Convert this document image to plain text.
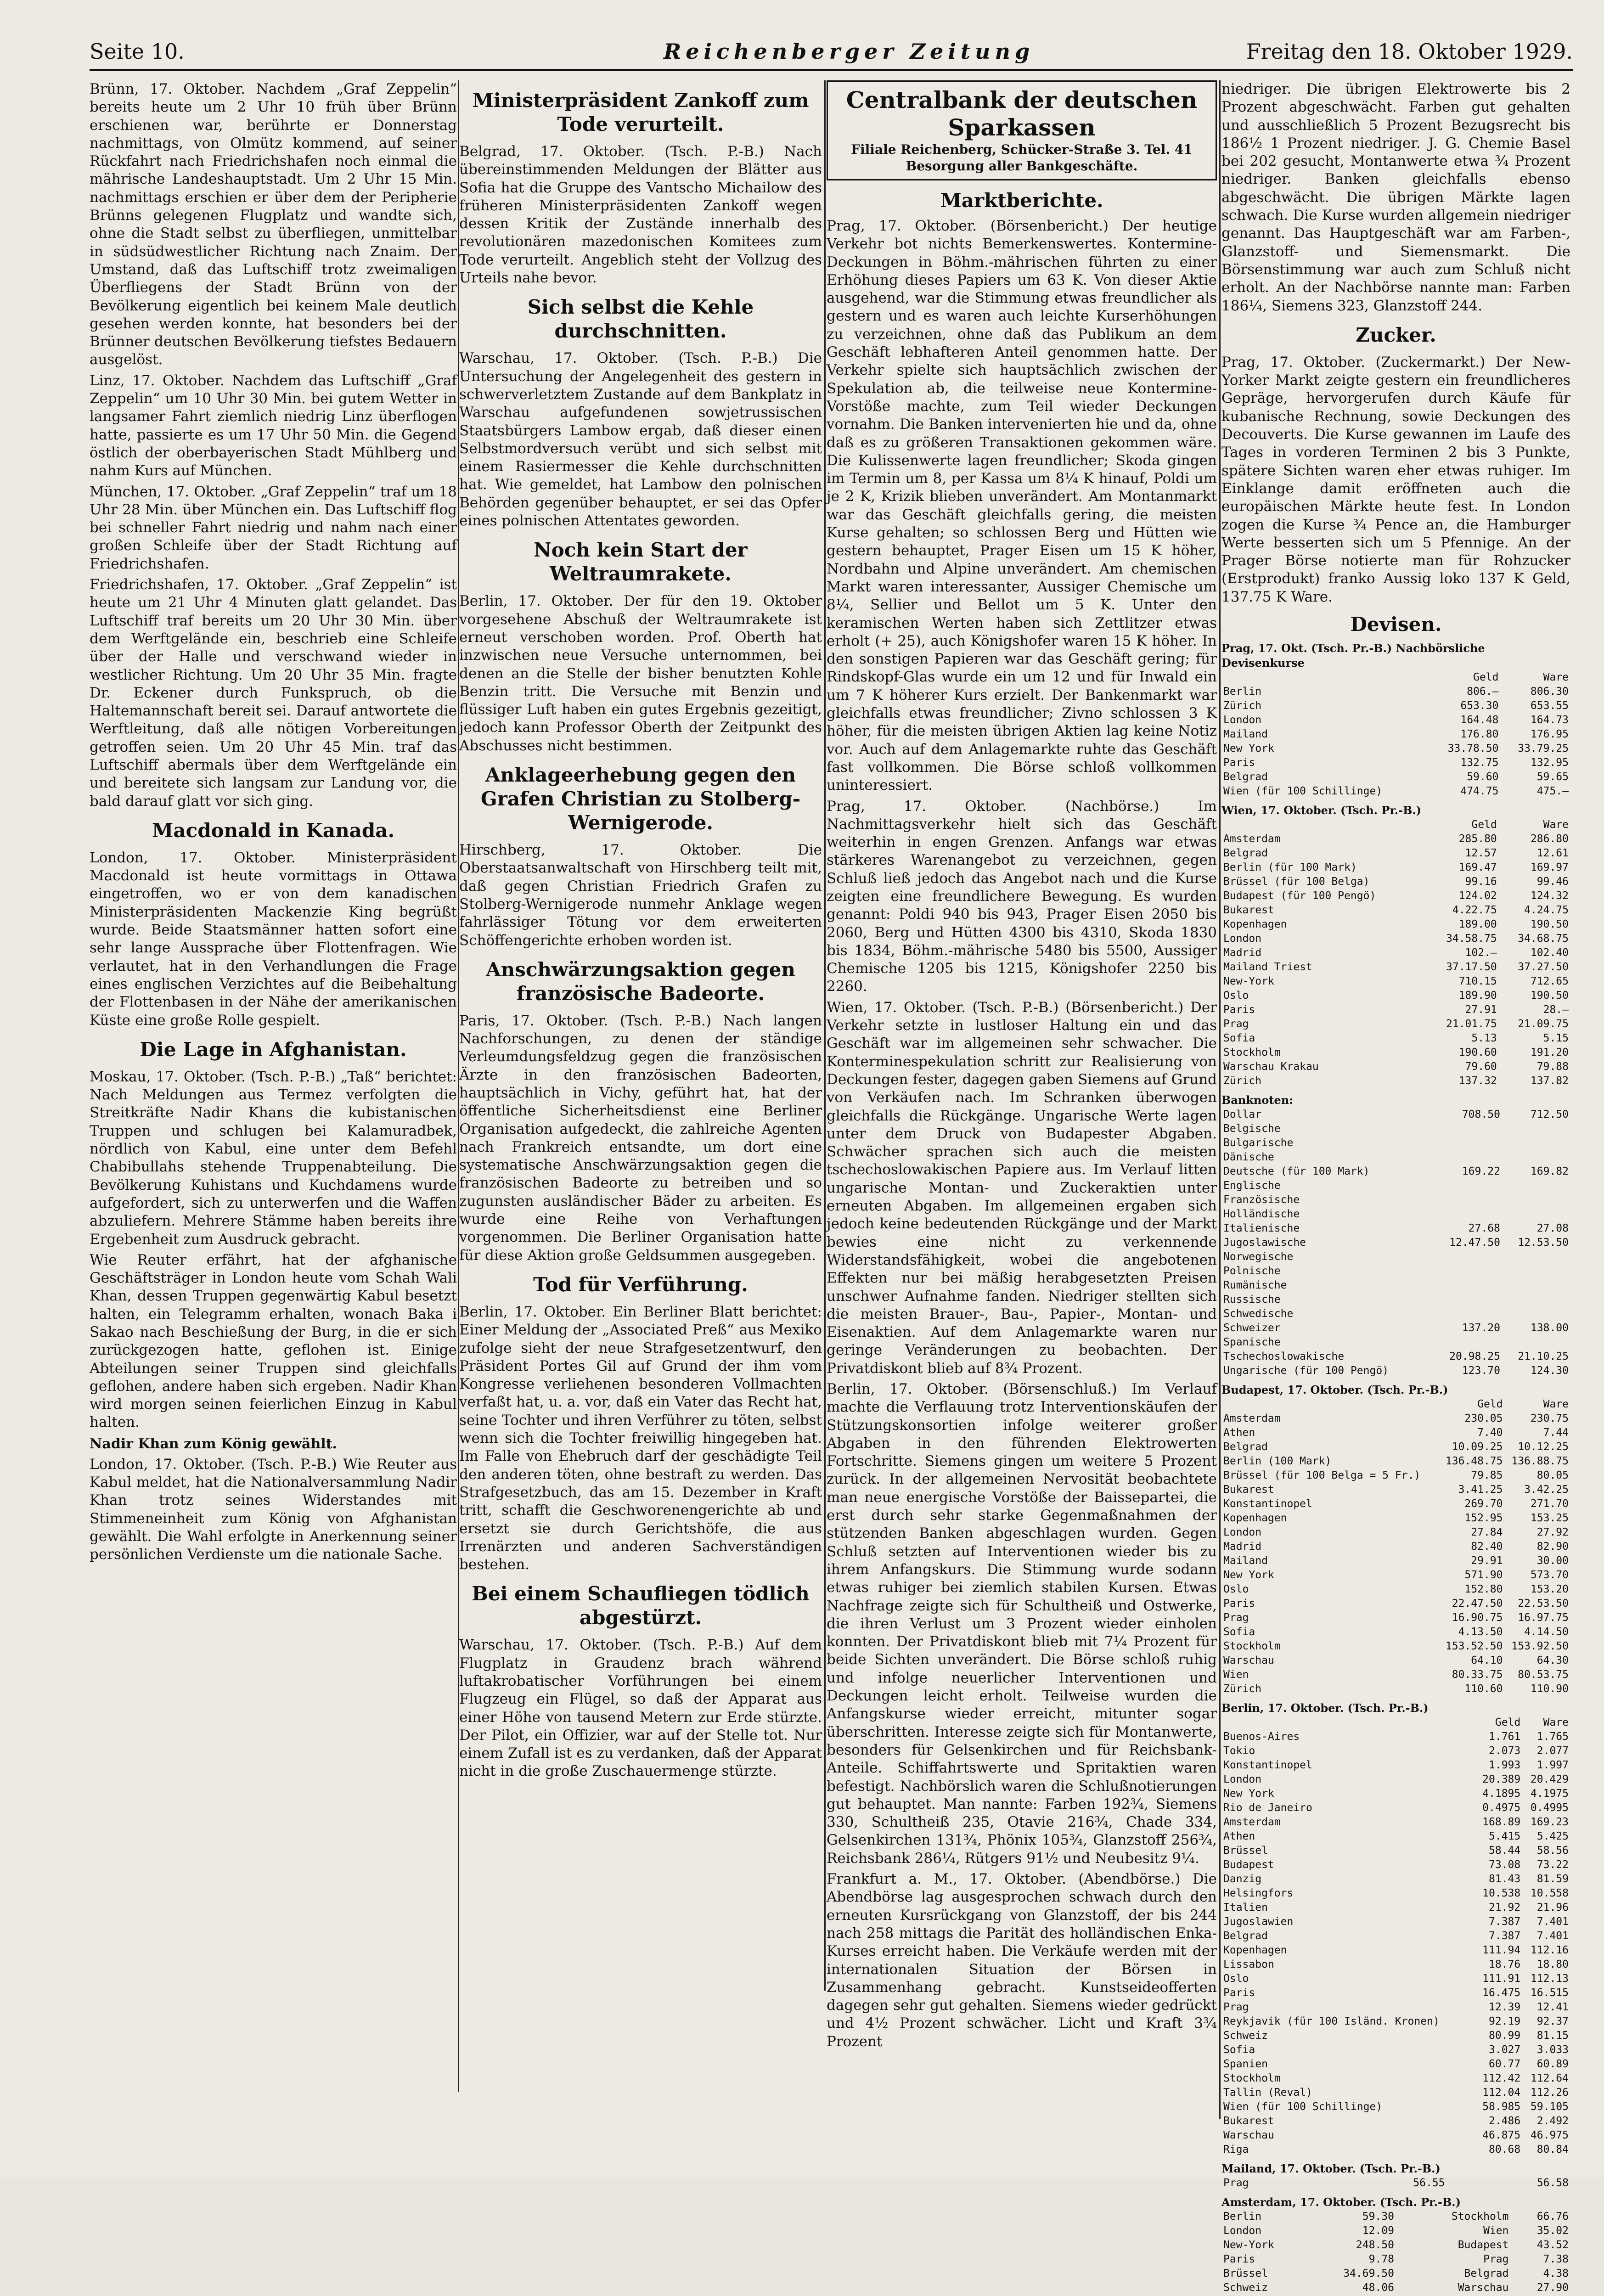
Seite 10.	Reichenberger Zeitung	Freitag den 18. Oktober 1929.

Brünn, 17. Oktober. Nachdem „Graf Zeppelin“ bereits heute um 2 Uhr 10 früh über Brünn erschienen war, berührte er Donnerstag nachmittags, von Olmütz kommend, auf seiner Rückfahrt nach Friedrichshafen noch einmal die mährische Landeshauptstadt. Um 2 Uhr 15 Min. nachmittags erschien er über dem der Peripherie Brünns gelegenen Flugplatz und wandte sich, ohne die Stadt selbst zu überfliegen, unmittelbar in südsüdwestlicher Richtung nach Znaim. Der Umstand, daß das Luftschiff trotz zweimaligen Überfliegens der Stadt Brünn von der Bevölkerung eigentlich bei keinem Male deutlich gesehen werden konnte, hat besonders bei der Brünner deutschen Bevölkerung tiefstes Bedauern ausgelöst.

Linz, 17. Oktober. Nachdem das Luftschiff „Graf Zeppelin“ um 10 Uhr 30 Min. bei gutem Wetter in langsamer Fahrt ziemlich niedrig Linz überflogen hatte, passierte es um 17 Uhr 50 Min. die Gegend östlich der oberbayerischen Stadt Mühlberg und nahm Kurs auf München.

München, 17. Oktober. „Graf Zeppelin“ traf um 18 Uhr 28 Min. über München ein. Das Luftschiff flog bei schneller Fahrt niedrig und nahm nach einer großen Schleife über der Stadt Richtung auf Friedrichshafen.

Friedrichshafen, 17. Oktober. „Graf Zeppelin“ ist heute um 21 Uhr 4 Minuten glatt gelandet. Das Luftschiff traf bereits um 20 Uhr 30 Min. über dem Werftgelände ein, beschrieb eine Schleife über der Halle und verschwand wieder in westlicher Richtung. Um 20 Uhr 35 Min. fragte Dr. Eckener durch Funkspruch, ob die Haltemannschaft bereit sei. Darauf antwortete die Werftleitung, daß alle nötigen Vorbereitungen getroffen seien. Um 20 Uhr 45 Min. traf das Luftschiff abermals über dem Werftgelände ein und bereitete sich langsam zur Landung vor, die bald darauf glatt vor sich ging.

Macdonald in Kanada.

London, 17. Oktober. Ministerpräsident Macdonald ist heute vormittags in Ottawa eingetroffen, wo er von dem kanadischen Ministerpräsidenten Mackenzie King begrüßt wurde. Beide Staatsmänner hatten sofort eine sehr lange Aussprache über Flottenfragen. Wie verlautet, hat in den Verhandlungen die Frage eines englischen Verzichtes auf die Beibehaltung der Flottenbasen in der Nähe der amerikanischen Küste eine große Rolle gespielt.

Die Lage in Afghanistan.

Moskau, 17. Oktober. (Tsch. P.-B.) „Taß“ berichtet: Nach Meldungen aus Termez verfolgten die Streitkräfte Nadir Khans die kubistanischen Truppen und schlugen bei Kalamuradbek, nördlich von Kabul, eine unter dem Befehl Chabibullahs stehende Truppenabteilung. Die Bevölkerung Kuhistans und Kuchdamens wurde aufgefordert, sich zu unterwerfen und die Waffen abzuliefern. Mehrere Stämme haben bereits ihre Ergebenheit zum Ausdruck gebracht.

Wie Reuter erfährt, hat der afghanische Geschäftsträger in London heute vom Schah Wali Khan, dessen Truppen gegenwärtig Kabul besetzt halten, ein Telegramm erhalten, wonach Baka i Sakao nach Beschießung der Burg, in die er sich zurückgezogen hatte, geflohen ist. Einige Abteilungen seiner Truppen sind gleichfalls geflohen, andere haben sich ergeben. Nadir Khan wird morgen seinen feierlichen Einzug in Kabul halten.

Nadir Khan zum König gewählt.

London, 17. Oktober. (Tsch. P.-B.) Wie Reuter aus Kabul meldet, hat die Nationalversammlung Nadir Khan trotz seines Widerstandes mit Stimmeneinheit zum König von Afghanistan gewählt. Die Wahl erfolgte in Anerkennung seiner persönlichen Verdienste um die nationale Sache.

Ministerpräsident Zankoff zum Tode verurteilt.

Belgrad, 17. Oktober. (Tsch. P.-B.) Nach übereinstimmenden Meldungen der Blätter aus Sofia hat die Gruppe des Vantscho Michailow des früheren Ministerpräsidenten Zankoff wegen dessen Kritik der Zustände innerhalb des revolutionären mazedonischen Komitees zum Tode verurteilt. Angeblich steht der Vollzug des Urteils nahe bevor.

Sich selbst die Kehle durchschnitten.

Warschau, 17. Oktober. (Tsch. P.-B.) Die Untersuchung der Angelegenheit des gestern in schwerverletztem Zustande auf dem Bankplatz in Warschau aufgefundenen sowjetrussischen Staatsbürgers Lambow ergab, daß dieser einen Selbstmordversuch verübt und sich selbst mit einem Rasiermesser die Kehle durchschnitten hat. Wie gemeldet, hat Lambow den polnischen Behörden gegenüber behauptet, er sei das Opfer eines polnischen Attentates geworden.

Noch kein Start der Weltraumrakete.

Berlin, 17. Oktober. Der für den 19. Oktober vorgesehene Abschuß der Weltraumrakete ist erneut verschoben worden. Prof. Oberth hat inzwischen neue Versuche unternommen, bei denen an die Stelle der bisher benutzten Kohle Benzin tritt. Die Versuche mit Benzin und flüssiger Luft haben ein gutes Ergebnis gezeitigt, jedoch kann Professor Oberth der Zeitpunkt des Abschusses nicht bestimmen.

Anklageerhebung gegen den Grafen Christian zu Stolberg-Wernigerode.

Hirschberg, 17. Oktober. Die Oberstaatsanwaltschaft von Hirschberg teilt mit, daß gegen Christian Friedrich Grafen zu Stolberg-Wernigerode nunmehr Anklage wegen fahrlässiger Tötung vor dem erweiterten Schöffengerichte erhoben worden ist.

Anschwärzungsaktion gegen französische Badeorte.

Paris, 17. Oktober. (Tsch. P.-B.) Nach langen Nachforschungen, zu denen der ständige Verleumdungsfeldzug gegen die französischen Ärzte in den französischen Badeorten, hauptsächlich in Vichy, geführt hat, hat der öffentliche Sicherheitsdienst eine Berliner Organisation aufgedeckt, die zahlreiche Agenten nach Frankreich entsandte, um dort eine systematische Anschwärzungsaktion gegen die französischen Badeorte zu betreiben und so zugunsten ausländischer Bäder zu arbeiten. Es wurde eine Reihe von Verhaftungen vorgenommen. Die Berliner Organisation hatte für diese Aktion große Geldsummen ausgegeben.

Tod für Verführung.

Berlin, 17. Oktober. Ein Berliner Blatt berichtet: Einer Meldung der „Associated Preß“ aus Mexiko zufolge sieht der neue Strafgesetzentwurf, den Präsident Portes Gil auf Grund der ihm vom Kongresse verliehenen besonderen Vollmachten verfaßt hat, u. a. vor, daß ein Vater das Recht hat, seine Tochter und ihren Verführer zu töten, selbst wenn sich die Tochter freiwillig hingegeben hat. Im Falle von Ehebruch darf der geschädigte Teil den anderen töten, ohne bestraft zu werden. Das Strafgesetzbuch, das am 15. Dezember in Kraft tritt, schafft die Geschworenengerichte ab und ersetzt sie durch Gerichtshöfe, die aus Irrenärzten und anderen Sachverständigen bestehen.

Bei einem Schaufliegen tödlich abgestürzt.

Warschau, 17. Oktober. (Tsch. P.-B.) Auf dem Flugplatz in Graudenz brach während luftakrobatischer Vorführungen bei einem Flugzeug ein Flügel, so daß der Apparat aus einer Höhe von tausend Metern zur Erde stürzte. Der Pilot, ein Offizier, war auf der Stelle tot. Nur einem Zufall ist es zu verdanken, daß der Apparat nicht in die große Zuschauermenge stürzte.

Centralbank der deutschen Sparkassen
Filiale Reichenberg, Schücker-Straße 3. Tel. 41
Besorgung aller Bankgeschäfte.
Marktberichte.

Prag, 17. Oktober. (Börsenbericht.) Der heutige Verkehr bot nichts Bemerkenswertes. Kontermine-Deckungen in Böhm.-mährischen führten zu einer Erhöhung dieses Papiers um 63 K. Von dieser Aktie ausgehend, war die Stimmung etwas freundlicher als gestern und es waren auch leichte Kurserhöhungen zu verzeichnen, ohne daß das Publikum an dem Geschäft lebhafteren Anteil genommen hatte. Der Verkehr spielte sich hauptsächlich zwischen der Spekulation ab, die teilweise neue Kontermine-Vorstöße machte, zum Teil wieder Deckungen vornahm. Die Banken intervenierten hie und da, ohne daß es zu größeren Transaktionen gekommen wäre. Die Kulissenwerte lagen freundlicher; Skoda gingen im Termin um 8, per Kassa um 8¼ K hinauf, Poldi um je 2 K, Krizik blieben unverändert. Am Montanmarkt war das Geschäft gleichfalls gering, die meisten Kurse gehalten; so schlossen Berg und Hütten wie gestern behauptet, Prager Eisen um 15 K höher, Nordbahn und Alpine unverändert. Am chemischen Markt waren interessanter, Aussiger Chemische um 8¼, Sellier und Bellot um 5 K. Unter den keramischen Werten haben sich Zettlitzer etwas erholt (+ 25), auch Königshofer waren 15 K höher. In den sonstigen Papieren war das Geschäft gering; für Rindskopf-Glas wurde ein um 12 und für Inwald ein um 7 K höherer Kurs erzielt. Der Bankenmarkt war gleichfalls etwas freundlicher; Zivno schlossen 3 K höher, für die meisten übrigen Aktien lag keine Notiz vor. Auch auf dem Anlagemarkte ruhte das Geschäft fast vollkommen. Die Börse schloß vollkommen uninteressiert.

Prag, 17. Oktober. (Nachbörse.) Im Nachmittagsverkehr hielt sich das Geschäft weiterhin in engen Grenzen. Anfangs war etwas stärkeres Warenangebot zu verzeichnen, gegen Schluß ließ jedoch das Angebot nach und die Kurse zeigten eine freundlichere Bewegung. Es wurden genannt: Poldi 940 bis 943, Prager Eisen 2050 bis 2060, Berg und Hütten 4300 bis 4310, Skoda 1830 bis 1834, Böhm.-mährische 5480 bis 5500, Aussiger Chemische 1205 bis 1215, Königshofer 2250 bis 2260.

Wien, 17. Oktober. (Tsch. P.-B.) (Börsenbericht.) Der Verkehr setzte in lustloser Haltung ein und das Geschäft war im allgemeinen sehr schwacher. Die Konterminespekulation schritt zur Realisierung von Deckungen fester, dagegen gaben Siemens auf Grund von Verkäufen nach. Im Schranken überwogen gleichfalls die Rückgänge. Ungarische Werte lagen unter dem Druck von Budapester Abgaben. Schwächer sprachen sich auch die meisten tschechoslowakischen Papiere aus. Im Verlauf litten ungarische Montan- und Zuckeraktien unter erneuten Abgaben. Im allgemeinen ergaben sich jedoch keine bedeutenden Rückgänge und der Markt bewies eine nicht zu verkennende Widerstandsfähigkeit, wobei die angebotenen Effekten nur bei mäßig herabgesetzten Preisen unschwer Aufnahme fanden. Niedriger stellten sich die meisten Brauer-, Bau-, Papier-, Montan- und Eisenaktien. Auf dem Anlagemarkte waren nur geringe Veränderungen zu beobachten. Der Privatdiskont blieb auf 8¾ Prozent.

Berlin, 17. Oktober. (Börsenschluß.) Im Verlauf machte die Verflauung trotz Interventionskäufen der Stützungskonsortien infolge weiterer großer Abgaben in den führenden Elektrowerten Fortschritte. Siemens gingen um weitere 5 Prozent zurück. In der allgemeinen Nervosität beobachtete man neue energische Vorstöße der Baissepartei, die erst durch sehr starke Gegenmaßnahmen der stützenden Banken abgeschlagen wurden. Gegen Schluß setzten auf Interventionen wieder bis zu ihrem Anfangskurs. Die Stimmung wurde sodann etwas ruhiger bei ziemlich stabilen Kursen. Etwas Nachfrage zeigte sich für Schultheiß und Ostwerke, die ihren Verlust um 3 Prozent wieder einholen konnten. Der Privatdiskont blieb mit 7¼ Prozent für beide Sichten unverändert. Die Börse schloß ruhig und infolge neuerlicher Interventionen und Deckungen leicht erholt. Teilweise wurden die Anfangskurse wieder erreicht, mitunter sogar überschritten. Interesse zeigte sich für Montanwerte, besonders für Gelsenkirchen und für Reichsbank-Anteile. Schiffahrtswerte und Spritaktien waren befestigt. Nachbörslich waren die Schlußnotierungen gut behauptet. Man nannte: Farben 192¾, Siemens 330, Schultheiß 235, Otavie 216¾, Chade 334, Gelsenkirchen 131¾, Phönix 105¾, Glanzstoff 256¾, Reichsbank 286¼, Rütgers 91½ und Neubesitz 9¼.

Frankfurt a. M., 17. Oktober. (Abendbörse.) Die Abendbörse lag ausgesprochen schwach durch den erneuten Kursrückgang von Glanzstoff, der bis 244 nach 258 mittags die Parität des holländischen Enka-Kurses erreicht haben. Die Verkäufe werden mit der internationalen Situation der Börsen in Zusammenhang gebracht. Kunstseideofferten dagegen sehr gut gehalten. Siemens wieder gedrückt und 4½ Prozent schwächer. Licht und Kraft 3¾ Prozent

niedriger. Die übrigen Elektrowerte bis 2 Prozent abgeschwächt. Farben gut gehalten und ausschließlich 5 Prozent Bezugsrecht bis 186½ 1 Prozent niedriger. J. G. Chemie Basel bei 202 gesucht, Montanwerte etwa ¾ Prozent niedriger. Banken gleichfalls ebenso abgeschwächt. Die übrigen Märkte lagen schwach. Die Kurse wurden allgemein niedriger genannt. Das Hauptgeschäft war am Farben-, Glanzstoff- und Siemensmarkt. Die Börsenstimmung war auch zum Schluß nicht erholt. An der Nachbörse nannte man: Farben 186¼, Siemens 323, Glanzstoff 244.

Zucker.

Prag, 17. Oktober. (Zuckermarkt.) Der New-Yorker Markt zeigte gestern ein freundlicheres Gepräge, hervorgerufen durch Käufe für kubanische Rechnung, sowie Deckungen des Decouverts. Die Kurse gewannen im Laufe des Tages in vorderen Terminen 2 bis 3 Punkte, spätere Sichten waren eher etwas ruhiger. Im Einklange damit eröffneten auch die europäischen Märkte heute fest. In London zogen die Kurse ¾ Pence an, die Hamburger Werte besserten sich um 5 Pfennige. An der Prager Börse notierte man für Rohzucker (Erstprodukt) franko Aussig loko 137 K Geld, 137.75 K Ware.

Devisen.
Prag, 17. Okt. (Tsch. Pr.-B.) Nachbörsliche Devisenkurse
	Geld	Ware
Berlin	806.—	806.30
Zürich	653.30	653.55
London	164.48	164.73
Mailand	176.80	176.95
New York	33.78.50	33.79.25
Paris	132.75	132.95
Belgrad	59.60	59.65
Wien (für 100 Schillinge)	474.75	475.—
Wien, 17. Oktober. (Tsch. Pr.-B.)
	Geld	Ware
Amsterdam	285.80	286.80
Belgrad	12.57	12.61
Berlin (für 100 Mark)	169.47	169.97
Brüssel (für 100 Belga)	99.16	99.46
Budapest (für 100 Pengö)	124.02	124.32
Bukarest	4.22.75	4.24.75
Kopenhagen	189.00	190.50
London	34.58.75	34.68.75
Madrid	102.—	102.40
Mailand Triest	37.17.50	37.27.50
New-York	710.15	712.65
Oslo	189.90	190.50
Paris	27.91	28.—
Prag	21.01.75	21.09.75
Sofia	5.13	5.15
Stockholm	190.60	191.20
Warschau Krakau	79.60	79.88
Zürich	137.32	137.82
Banknoten:
Dollar	708.50	712.50
Belgische		
Bulgarische		
Dänische		
Deutsche (für 100 Mark)	169.22	169.82
Englische		
Französische		
Holländische		
Italienische	27.68	27.08
Jugoslawische	12.47.50	12.53.50
Norwegische		
Polnische		
Rumänische		
Russische		
Schwedische		
Schweizer	137.20	138.00
Spanische		
Tschechoslowakische	20.98.25	21.10.25
Ungarische (für 100 Pengö)	123.70	124.30
Budapest, 17. Oktober. (Tsch. Pr.-B.)
	Geld	Ware
Amsterdam	230.05	230.75
Athen	7.40	7.44
Belgrad	10.09.25	10.12.25
Berlin (100 Mark)	136.48.75	136.88.75
Brüssel (für 100 Belga = 5 Fr.)	79.85	80.05
Bukarest	3.41.25	3.42.25
Konstantinopel	269.70	271.70
Kopenhagen	152.95	153.25
London	27.84	27.92
Madrid	82.40	82.90
Mailand	29.91	30.00
New York	571.90	573.70
Oslo	152.80	153.20
Paris	22.47.50	22.53.50
Prag	16.90.75	16.97.75
Sofia	4.13.50	4.14.50
Stockholm	153.52.50	153.92.50
Warschau	64.10	64.30
Wien	80.33.75	80.53.75
Zürich	110.60	110.90
Berlin, 17. Oktober. (Tsch. Pr.-B.)
	Geld	Ware
Buenos-Aires	1.761	1.765
Tokio	2.073	2.077
Konstantinopel	1.993	1.997
London	20.389	20.429
New York	4.1895	4.1975
Rio de Janeiro	0.4975	0.4995
Amsterdam	168.89	169.23
Athen	5.415	5.425
Brüssel	58.44	58.56
Budapest	73.08	73.22
Danzig	81.43	81.59
Helsingfors	10.538	10.558
Italien	21.92	21.96
Jugoslawien	7.387	7.401
Belgrad	7.387	7.401
Kopenhagen	111.94	112.16
Lissabon	18.76	18.80
Oslo	111.91	112.13
Paris	16.475	16.515
Prag	12.39	12.41
Reykjavik (für 100 Isländ. Kronen)	92.19	92.37
Schweiz	80.99	81.15
Sofia	3.027	3.033
Spanien	60.77	60.89
Stockholm	112.42	112.64
Tallin (Reval)	112.04	112.26
Wien (für 100 Schillinge)	58.985	59.105
Bukarest	2.486	2.492
Warschau	46.875	46.975
Riga	80.68	80.84
Mailand, 17. Oktober. (Tsch. Pr.-B.)
Prag	56.55	56.58
Amsterdam, 17. Oktober. (Tsch. Pr.-B.)
Berlin	59.30	Stockholm	66.76
London	12.09	Wien	35.02
New-York	248.50	Budapest	43.52
Paris	9.78	Prag	7.38
Brüssel	34.69.50	Belgrad	4.38
Schweiz	48.06	Warschau	27.90
